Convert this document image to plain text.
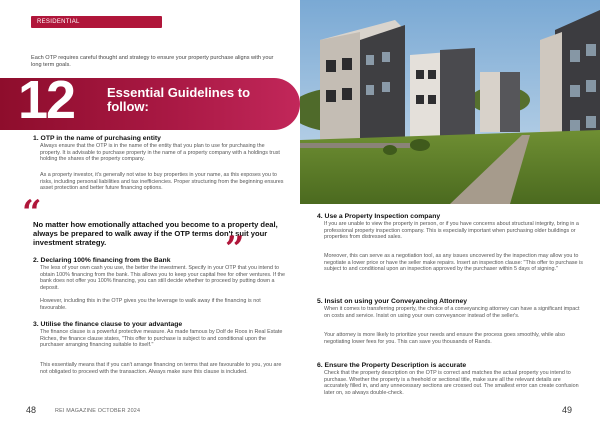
RESIDENTIAL

Each OTP requires careful thought and strategy to ensure your property purchase aligns with your long term goals.

12	Essential Guidelines to follow:
1. OTP in the name of purchasing entity

Always ensure that the OTP is in the name of the entity that you plan to use for purchasing the property. It is advisable to purchase property in the name of a property company with a holdings trust holding the shares of the property company.

As a property investor, it's generally not wise to buy properties in your name, as this exposes you to risks, including personal liabilities and tax inefficiencies. Proper structuring from the beginning ensures asset protection and better future financing options.

“

No matter how emotionally attached you become to a property deal, always be prepared to walk away if the OTP terms don't suit your investment strategy.	”
2. Declaring 100% financing from the Bank

The less of your own cash you use, the better the investment. Specify in your OTP that you intend to obtain 100% financing from the bank. This allows you to keep your capital free for other ventures. If the bank does not offer you 100% financing, you can still decide whether to proceed by putting down a deposit.

However, including this in the OTP gives you the leverage to walk away if the financing is not favourable.

3. Utilise the finance clause to your advantage

The finance clause is a powerful protective measure. As made famous by Dolf de Roos in Real Estate Riches, the finance clause states, "This offer to purchase is subject to and conditional upon the purchaser arranging financing suitable to itself."

This essentially means that if you can't arrange financing on terms that are favourable to you, you are not obligated to proceed with the transaction. Always make sure this clause is included.

48	REI MAGAZINE OCTOBER 2024
4. Use a Property Inspection company

If you are unable to view the property in person, or if you have concerns about structural integrity, bring in a professional property inspection company. This is especially important when purchasing older buildings or properties from distressed sales.

Moreover, this can serve as a negotiation tool, as any issues uncovered by the inspection may allow you to negotiate a lower price or have the seller make repairs. Insert an inspection clause: "This offer to purchase is subject to and conditional upon an inspection approved by the purchaser within 5 days of signing."

5. Insist on using your Conveyancing Attorney

When it comes to transferring property, the choice of a conveyancing attorney can have a significant impact on costs and service. Insist on using your own conveyancer instead of the seller's.

Your attorney is more likely to prioritize your needs and ensure the process goes smoothly, while also negotiating lower fees for you. This can save you thousands of Rands.

6. Ensure the Property Description is accurate

Check that the property description on the OTP is correct and matches the actual property you intend to purchase. Whether the property is a freehold or sectional title, make sure all the relevant details are accurately filled in, and any unnecessary sections are crossed out. The smallest error can create confusion later on, so always double-check.

49
